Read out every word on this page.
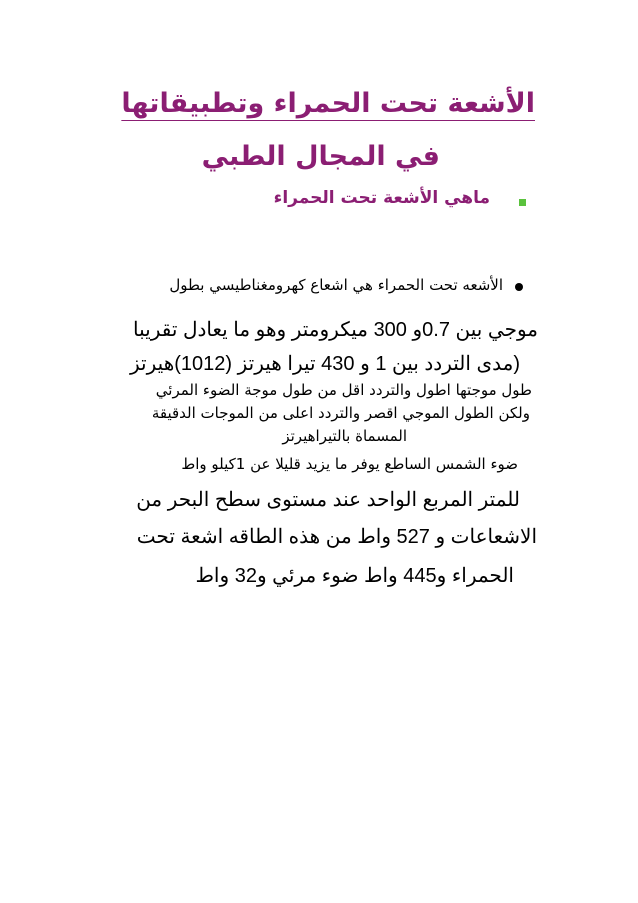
الأشعة تحت الحمراء وتطبيقاتها
في المجال الطبي
ماهي الأشعة تحت الحمراء
الأشعه تحت الحمراء هي اشعاع كهرومغناطيسي بطول
موجي بين 0.7و 300 ميكرومتر وهو ما يعادل تقريبا
(مدى التردد بين 1 و 430 تيرا هيرتز (1012)هيرتز
طول موجتها اطول والتردد اقل من طول موجة الضوء المرئي
ولكن الطول الموجي اقصر والتردد اعلى من الموجات الدقيقة
المسماة بالتيراهيرتز
ضوء الشمس الساطع يوفر ما يزيد قليلا عن 1كيلو واط
للمتر المربع الواحد عند مستوى سطح البحر من
الاشعاعات و 527 واط من هذه الطاقه اشعة تحت
الحمراء و445 واط ضوء مرئي و32 واط
